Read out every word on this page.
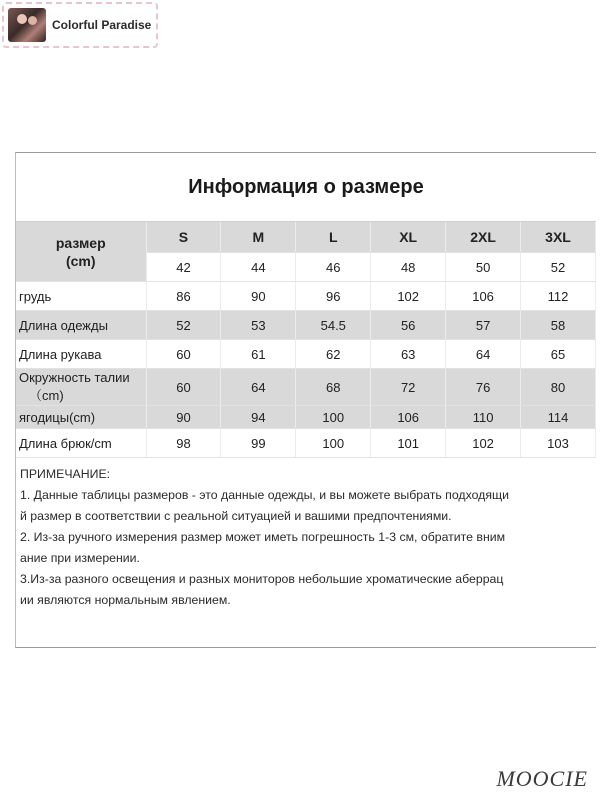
Colorful Paradise
Информация о размере
размер
(cm)	S	M	L	XL	2XL	3XL
	42	44	46	48	50	52
грудь	86	90	96	102	106	112
Длина одежды	52	53	54.5	56	57	58
Длина рукава	60	61	62	63	64	65
Окружность талии
（cm)	60	64	68	72	76	80
ягодицы(cm)	90	94	100	106	110	114
Длина брюк/cm	98	99	100	101	102	103
ПРИМЕЧАНИЕ:
1. Данные таблицы размеров - это данные одежды, и вы можете выбрать подходящи
й размер в соответствии с реальной ситуацией и вашими предпочтениями.
2. Из-за ручного измерения размер может иметь погрешность 1-3 см, обратите вним
ание при измерении.
3.Из-за разного освещения и разных мониторов небольшие хроматические аберрац
ии являются нормальным явлением.
MOOCIE
